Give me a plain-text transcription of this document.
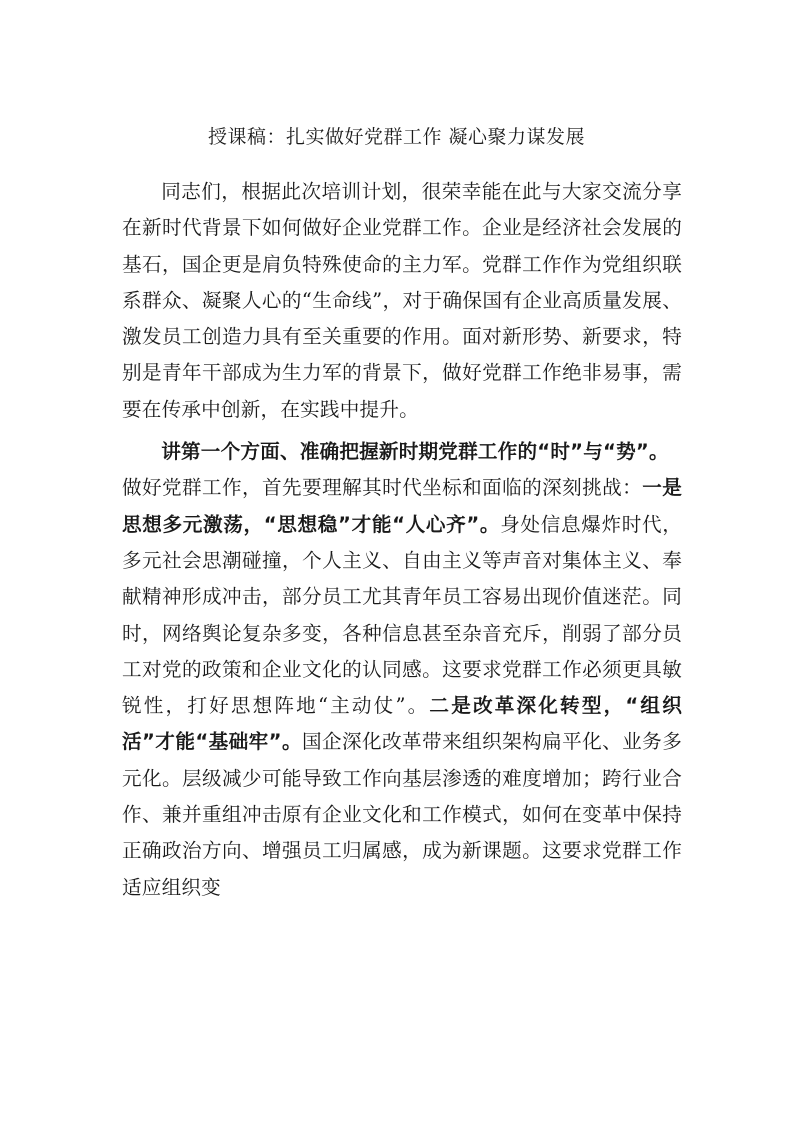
授课稿：扎实做好党群工作 凝心聚力谋发展

同志们，根据此次培训计划，很荣幸能在此与大家交流分享在新时代背景下如何做好企业党群工作。企业是经济社会发展的基石，国企更是肩负特殊使命的主力军。党群工作作为党组织联系群众、凝聚人心的“生命线”，对于确保国有企业高质量发展、激发员工创造力具有至关重要的作用。面对新形势、新要求，特别是青年干部成为生力军的背景下，做好党群工作绝非易事，需要在传承中创新，在实践中提升。

讲第一个方面、准确把握新时期党群工作的“时”与“势”。

做好党群工作，首先要理解其时代坐标和面临的深刻挑战：一是思想多元激荡，“思想稳”才能“人心齐”。身处信息爆炸时代，多元社会思潮碰撞，个人主义、自由主义等声音对集体主义、奉献精神形成冲击，部分员工尤其青年员工容易出现价值迷茫。同时，网络舆论复杂多变，各种信息甚至杂音充斥，削弱了部分员工对党的政策和企业文化的认同感。这要求党群工作必须更具敏锐性，打好思想阵地“主动仗”。二是改革深化转型，“组织活”才能“基础牢”。国企深化改革带来组织架构扁平化、业务多元化。层级减少可能导致工作向基层渗透的难度增加；跨行业合作、兼并重组冲击原有企业文化和工作模式，如何在变革中保持正确政治方向、增强员工归属感，成为新课题。这要求党群工作适应组织变
